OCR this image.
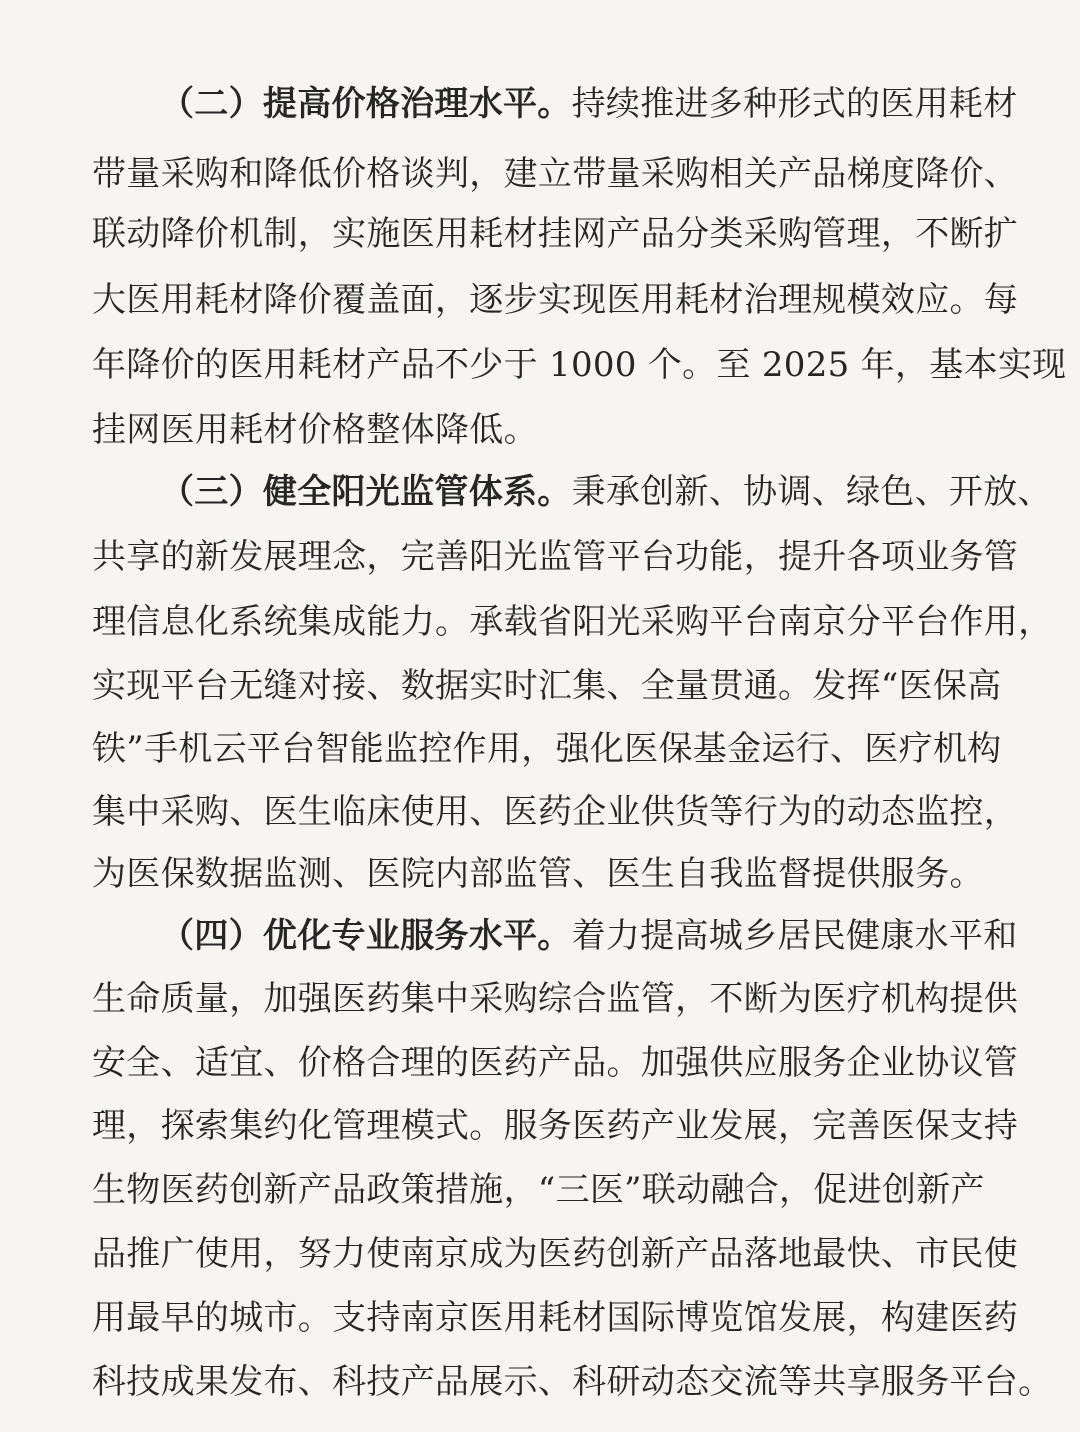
（二）提高价格治理水平。持续推进多种形式的医用耗材
带量采购和降低价格谈判，建立带量采购相关产品梯度降价、
联动降价机制，实施医用耗材挂网产品分类采购管理，不断扩
大医用耗材降价覆盖面，逐步实现医用耗材治理规模效应。每
年降价的医用耗材产品不少于 1000 个。至 2025 年，基本实现
挂网医用耗材价格整体降低。
（三）健全阳光监管体系。秉承创新、协调、绿色、开放、
共享的新发展理念，完善阳光监管平台功能，提升各项业务管
理信息化系统集成能力。承载省阳光采购平台南京分平台作用，
实现平台无缝对接、数据实时汇集、全量贯通。发挥“医保高
铁”手机云平台智能监控作用，强化医保基金运行、医疗机构
集中采购、医生临床使用、医药企业供货等行为的动态监控，
为医保数据监测、医院内部监管、医生自我监督提供服务。
（四）优化专业服务水平。着力提高城乡居民健康水平和
生命质量，加强医药集中采购综合监管，不断为医疗机构提供
安全、适宜、价格合理的医药产品。加强供应服务企业协议管
理，探索集约化管理模式。服务医药产业发展，完善医保支持
生物医药创新产品政策措施，“三医”联动融合，促进创新产
品推广使用，努力使南京成为医药创新产品落地最快、市民使
用最早的城市。支持南京医用耗材国际博览馆发展，构建医药
科技成果发布、科技产品展示、科研动态交流等共享服务平台。
